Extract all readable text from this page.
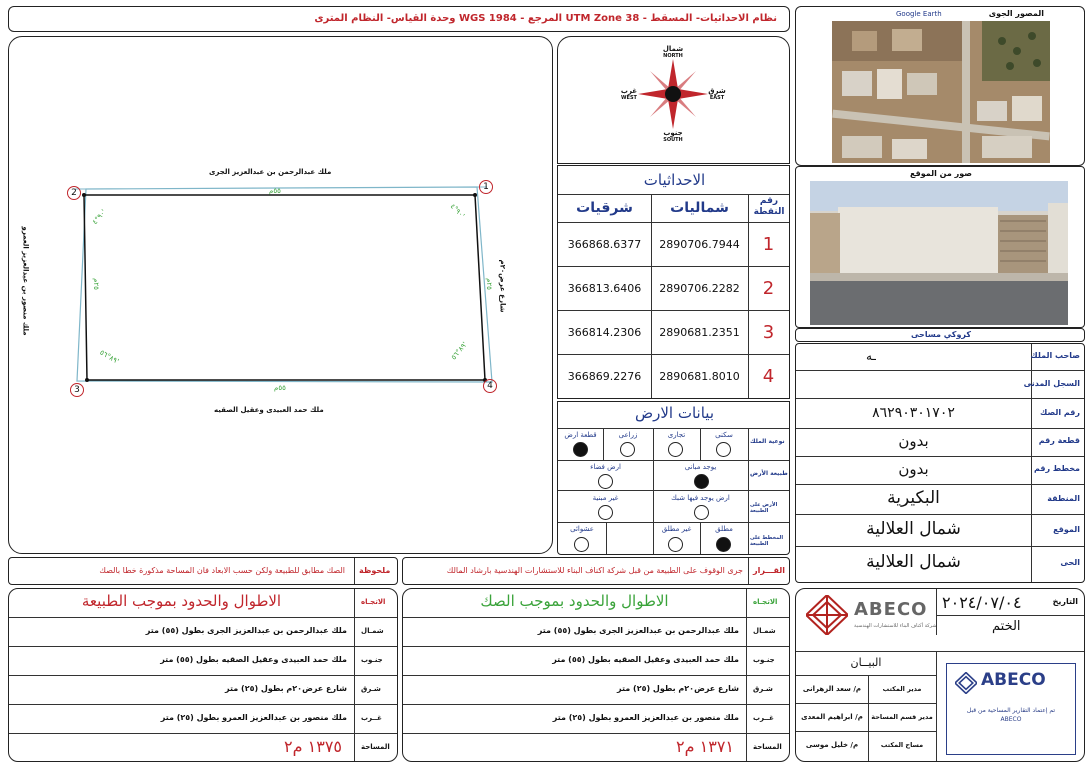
نظام الاحداثيات- المسقط - UTM Zone 38 المرجع - WGS 1984 وحدة القياس- النظام المترى	المصور الجوى
Google Earth
صور من الموقع
كروكي مساحى
صاحب الملك
ـه
السجل المدنى
رقم الصك
٨٦٢٩٠٣٠١٧٠٢
قطعة رقم
بدون
مخطط رقم
بدون
المنطقة
البكيرية
الموقع
شمال العلالية
الحى
شمال العلالية
1
2
3	4
ملك عبدالرحمن بن عبدالعزيز الجرى
٥٥م
ملك حمد العبيدى وعقيل الصقيه
٥٥م
شارع عرض٢٠م
٢٥م
ملك منصور بن عبدالعزيز العمرو	٢٥م
٩٠°٤'
٩٠°٤'
٨٩°٥٦'
٨٩°٥٦'
شمال
NORTH
جنوب
SOUTH
شرق
EAST
غرب
WEST
الاحداثيات
شرقيات	شماليات	رقم النقطة
1
2890706.7944
366868.6377
2
2890706.2282
366813.6406
3
2890681.2351
366814.2306
4
2890681.8010
366869.2276
بيانات الارض
نوعية الملك
طبيعة الأرض
الأرض على الطبيعة
المخطط على الطبيعة
سكنى
تجارى
زراعى
قطعة ارض
يوجد مبانى
ارض فضاء
ارض يوجد فيها شبك
غير مبنية
مطلق
غير مطلق
عشوائى
ملحوظة
الصك مطابق للطبيعة ولكن حسب الابعاد فان المساحة مذكورة خطا بالصك	القـــرار
جرى الوقوف على الطبيعة من قبل شركة اكناف البناء للاستشارات الهندسية بارشاد المالك
الاطوال والحدود بموجب الطبيعة	الاتجـاه
شمـال
ملك عبدالرحمن بن عبدالعزيز الجرى بطول (٥٥) متر
جنـوب
ملك حمد العبيدى وعقيل الصقيه بطول (٥٥) متر
شـرق
شارع عرض٢٠م بطول (٢٥) متر
غــرب
ملك منصور بن عبدالعزيز العمرو بطول (٢٥) متر
المساحة
١٣٧٥ م٢
الاطوال والحدود بموجب الصك	الاتجـاه
شمـال
ملك عبدالرحمن بن عبدالعزيز الجرى بطول (٥٥) متر
جنـوب
ملك حمد العبيدى وعقيل الصقيه بطول (٥٥) متر
شـرق
شارع عرض٢٠م بطول (٢٥) متر
غــرب
ملك منصور بن عبدالعزيز العمرو بطول (٢٥) متر
المساحة
١٣٧١ م٢
ABECO
شركة أكناف البناء للاستشارات الهندسية
التاريخ
٢٠٢٤/٠٧/٠٤
الختم
البيــان
مدير المكتب
م/ سعد الزهرانى
مدير قسم المساحة
م/ ابراهيم المعدى
مساح المكتب
م/ خليل موسى
ABECO
تم إعتماد التقارير المساحية من قبل ABECO
